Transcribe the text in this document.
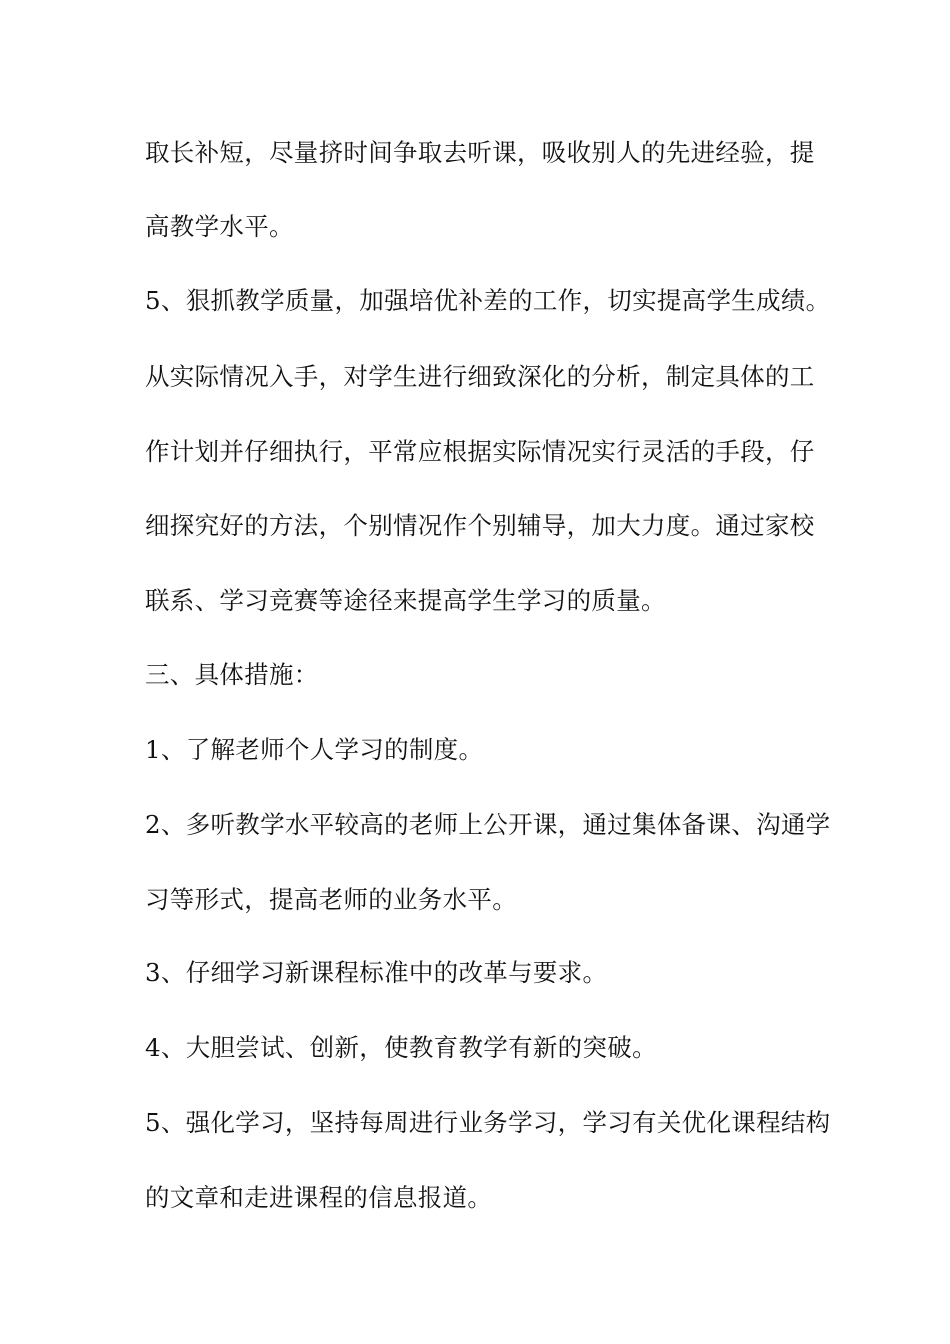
取长补短，尽量挤时间争取去听课，吸收别人的先进经验，提
高教学水平。
5、狠抓教学质量，加强培优补差的工作，切实提高学生成绩。
从实际情况入手，对学生进行细致深化的分析，制定具体的工
作计划并仔细执行，平常应根据实际情况实行灵活的手段，仔
细探究好的方法，个别情况作个别辅导，加大力度。通过家校
联系、学习竞赛等途径来提高学生学习的质量。
三、具体措施：
1、了解老师个人学习的制度。
2、多听教学水平较高的老师上公开课，通过集体备课、沟通学
习等形式，提高老师的业务水平。
3、仔细学习新课程标准中的改革与要求。
4、大胆尝试、创新，使教育教学有新的突破。
5、强化学习，坚持每周进行业务学习，学习有关优化课程结构
的文章和走进课程的信息报道。
